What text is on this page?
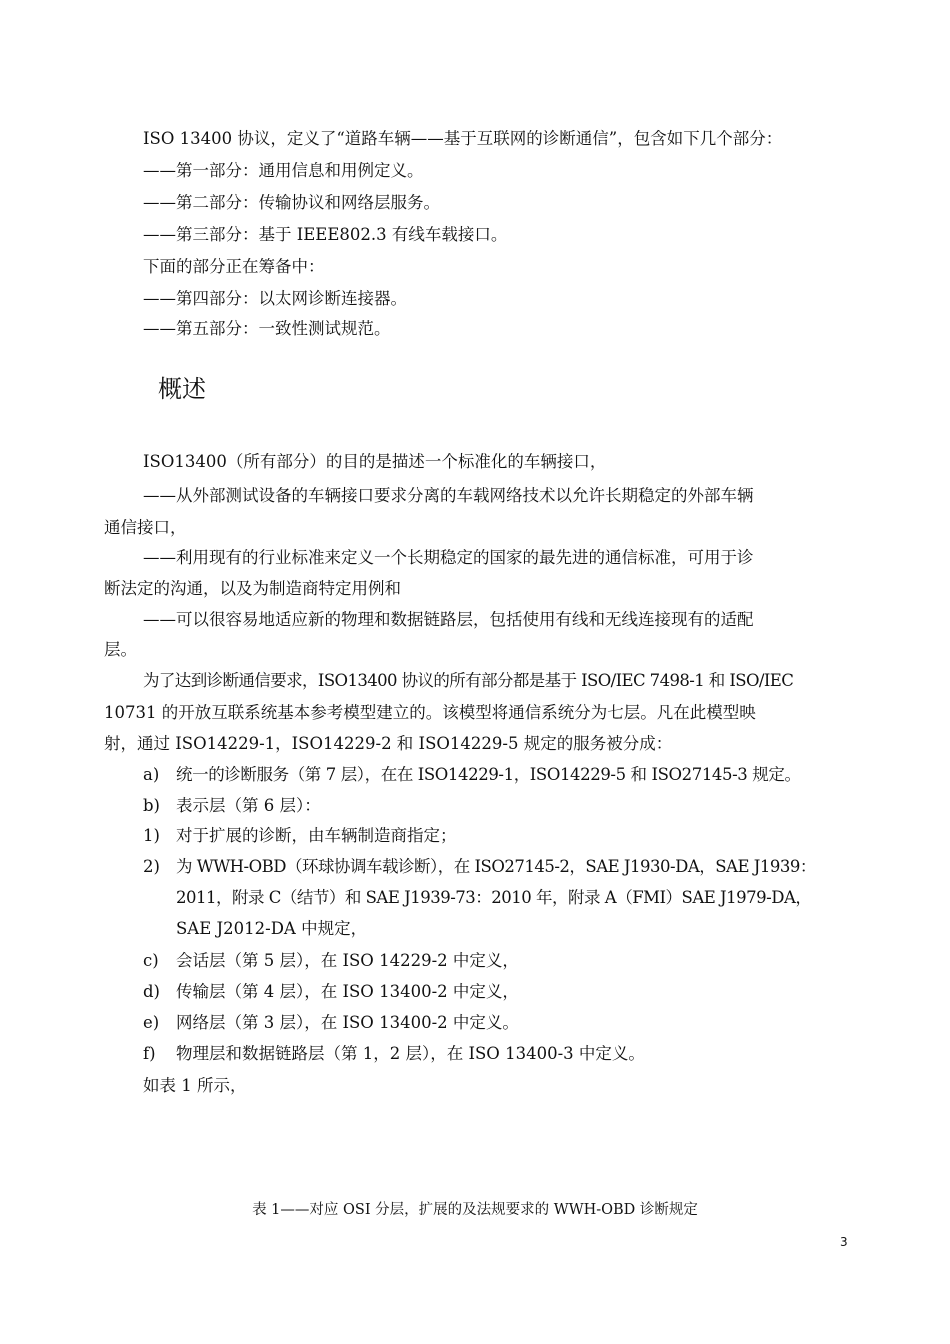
ISO 13400 协议，定义了“道路车辆——基于互联网的诊断通信”，包含如下几个部分：
——第一部分：通用信息和用例定义。
——第二部分：传输协议和网络层服务。
——第三部分：基于 IEEE802.3 有线车载接口。
下面的部分正在筹备中：
——第四部分：以太网诊断连接器。
——第五部分：一致性测试规范。
概述
ISO13400（所有部分）的目的是描述一个标准化的车辆接口，
——从外部测试设备的车辆接口要求分离的车载网络技术以允许长期稳定的外部车辆
通信接口，
——利用现有的行业标准来定义一个长期稳定的国家的最先进的通信标准，可用于诊
断法定的沟通，以及为制造商特定用例和
——可以很容易地适应新的物理和数据链路层，包括使用有线和无线连接现有的适配
层。
为了达到诊断通信要求，ISO13400 协议的所有部分都是基于 ISO/IEC 7498-1 和 ISO/IEC
10731 的开放互联系统基本参考模型建立的。该模型将通信系统分为七层。凡在此模型映
射，通过 ISO14229-1，ISO14229-2 和 ISO14229-5 规定的服务被分成：
a) 统一的诊断服务（第 7 层），在在 ISO14229-1，ISO14229-5 和 ISO27145-3 规定。
b) 表示层（第 6 层）：
1) 对于扩展的诊断，由车辆制造商指定；
2) 为 WWH-OBD（环球协调车载诊断），在 ISO27145-2，SAE J1930-DA，SAE J1939：
2011，附录 C（结节）和 SAE J1939-73：2010 年，附录 A（FMI）SAE J1979-DA，
SAE J2012-DA 中规定，
c) 会话层（第 5 层），在 ISO 14229-2 中定义，
d) 传输层（第 4 层），在 ISO 13400-2 中定义，
e) 网络层（第 3 层），在 ISO 13400-2 中定义。
f) 物理层和数据链路层（第 1，2 层），在 ISO 13400-3 中定义。
如表 1 所示，
表 1——对应 OSI 分层，扩展的及法规要求的 WWH-OBD 诊断规定
3
